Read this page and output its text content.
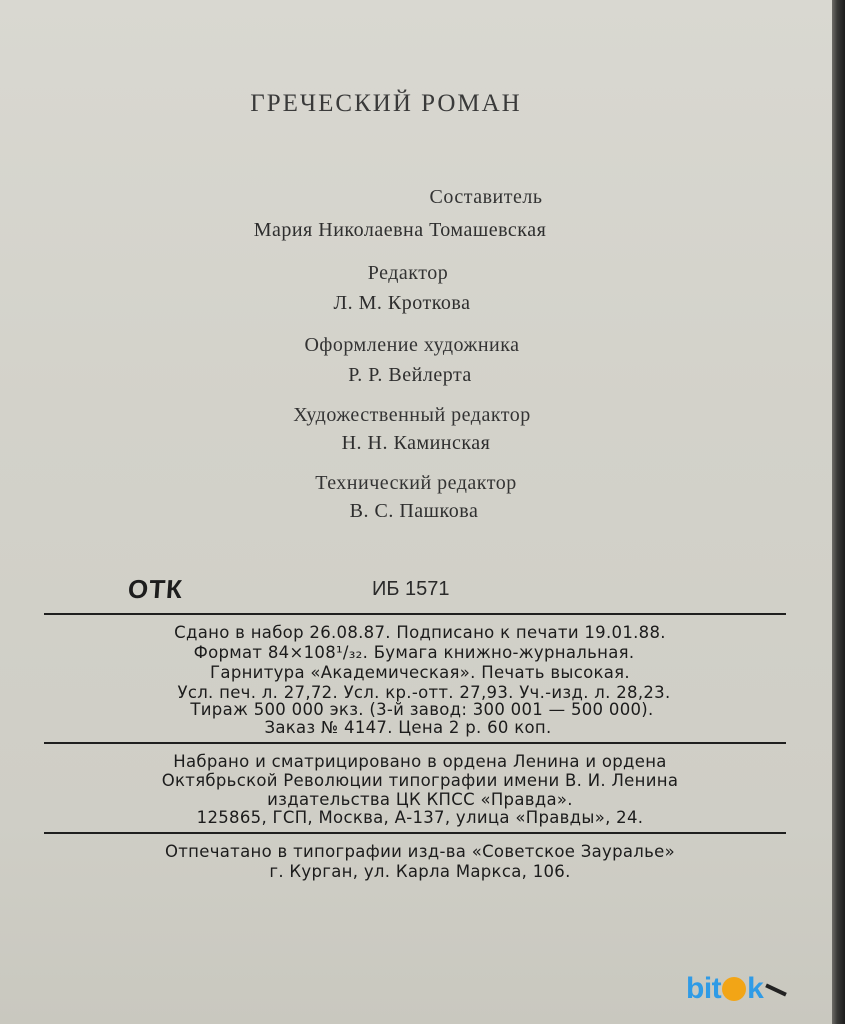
ГРЕЧЕСКИЙ РОМАН
Составитель
Мария Николаевна Томашевская
Редактор
Л. М. Кроткова
Оформление художника
Р. Р. Вейлерта
Художественный редактор
Н. Н. Каминская
Технический редактор
В. С. Пашкова
ОТК	ИБ 1571
Сдано в набор 26.08.87. Подписано к печати 19.01.88.
Формат 84×108¹/₃₂. Бумага книжно-журнальная.
Гарнитура «Академическая». Печать высокая.
Усл. печ. л. 27,72. Усл. кр.-отт. 27,93. Уч.-изд. л. 28,23.
Тираж 500 000 экз. (3-й завод: 300 001 — 500 000).
Заказ № 4147. Цена 2 р. 60 коп.
Набрано и сматрицировано в ордена Ленина и ордена
Октябрьской Революции типографии имени В. И. Ленина
издательства ЦК КПСС «Правда».
125865, ГСП, Москва, А-137, улица «Правды», 24.
Отпечатано в типографии изд-ва «Советское Зауралье»
г. Курган, ул. Карла Маркса, 106.
bit k
